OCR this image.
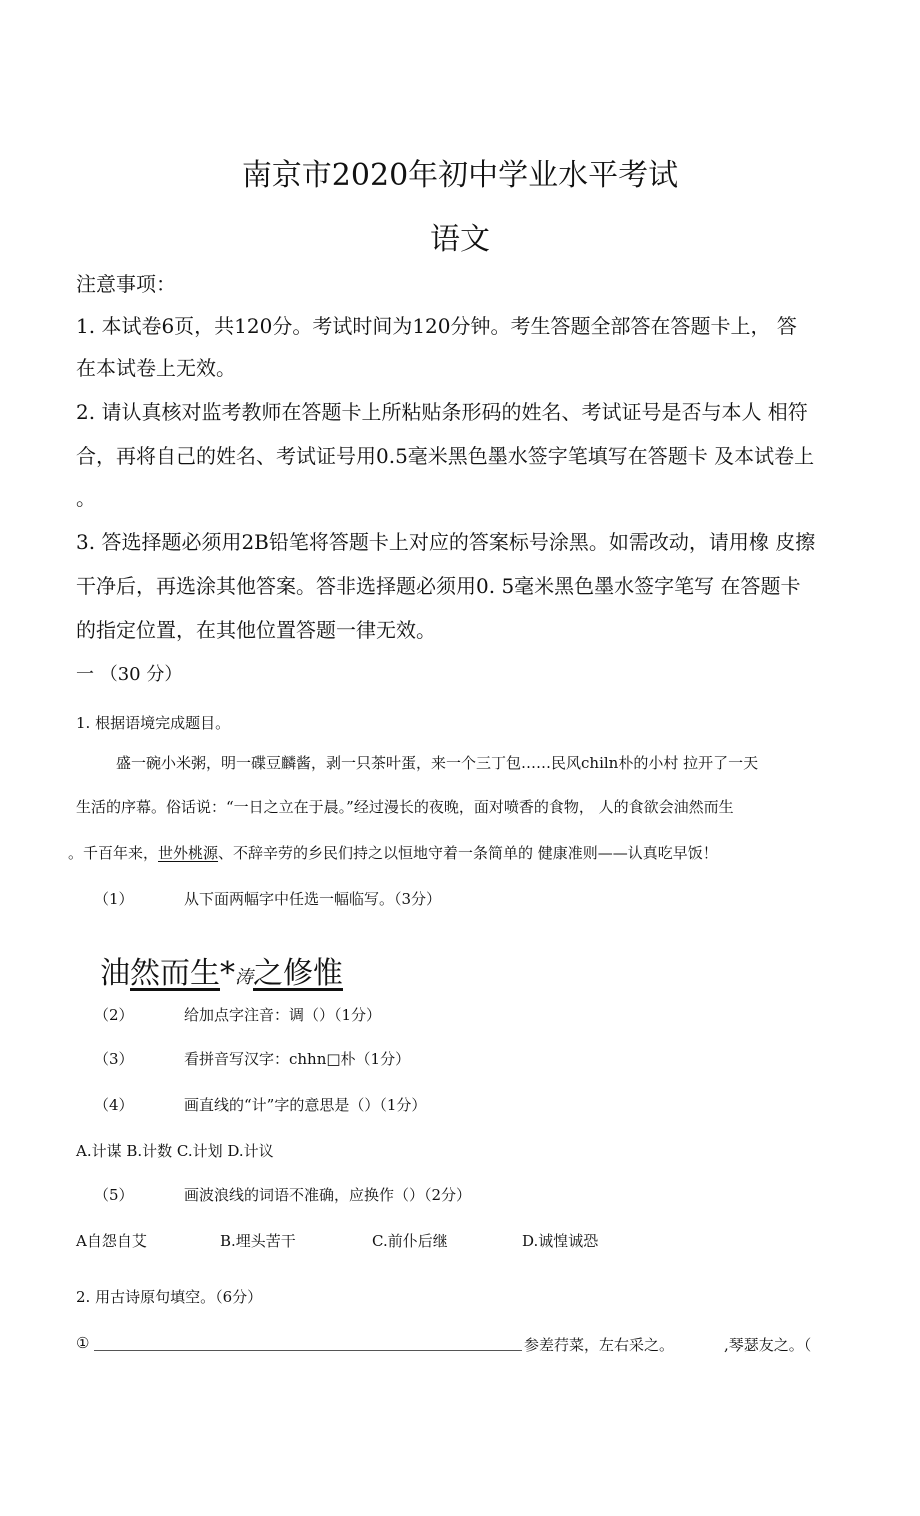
南京市2020年初中学业水平考试
语文
注意事项：
1. 本试卷6页，共120分。考试时间为120分钟。考生答题全部答在答题卡上， 答
在本试卷上无效。
2. 请认真核对监考教师在答题卡上所粘贴条形码的姓名、考试证号是否与本人 相符
合，再将自己的姓名、考试证号用0.5毫米黑色墨水签字笔填写在答题卡 及本试卷上
。
3. 答选择题必须用2B铅笔将答题卡上对应的答案标号涂黑。如需改动，请用橡 皮擦
干净后，再选涂其他答案。答非选择题必须用0. 5毫米黑色墨水签字笔写 在答题卡
的指定位置，在其他位置答题一律无效。
一 （30 分）
1. 根据语境完成题目。
盛一碗小米粥，明一碟豆麟酱，剥一只茶叶蛋，来一个三丁包……民风chiln朴的小村 拉开了一天
生活的序幕。俗话说：“一日之立在于晨。”经过漫长的夜晚，面对喷香的食物， 人的食欲会油然而生
。千百年来，世外桃源、不辞辛劳的乡民们持之以恒地守着一条简单的 健康准则——认真吃早饭！
（1）	从下面两幅字中任选一幅临写。（3分）
油然而生*涛之修惟
（2）	给加点字注音：调（）（1分）
（3）	看拼音写汉字：chhn□朴（1分）
（4）	画直线的“计”字的意思是（）（1分）
A.计谋 B.计数 C.计划 D.计议
（5）	画波浪线的词语不准确，应换作（）（2分）
A自怨自艾	B.埋头苦干	C.前仆后继	D.诚惶诚恐
2. 用古诗原句填空。（6分）
①	参差荇菜，左右采之。	,琴瑟友之。（
